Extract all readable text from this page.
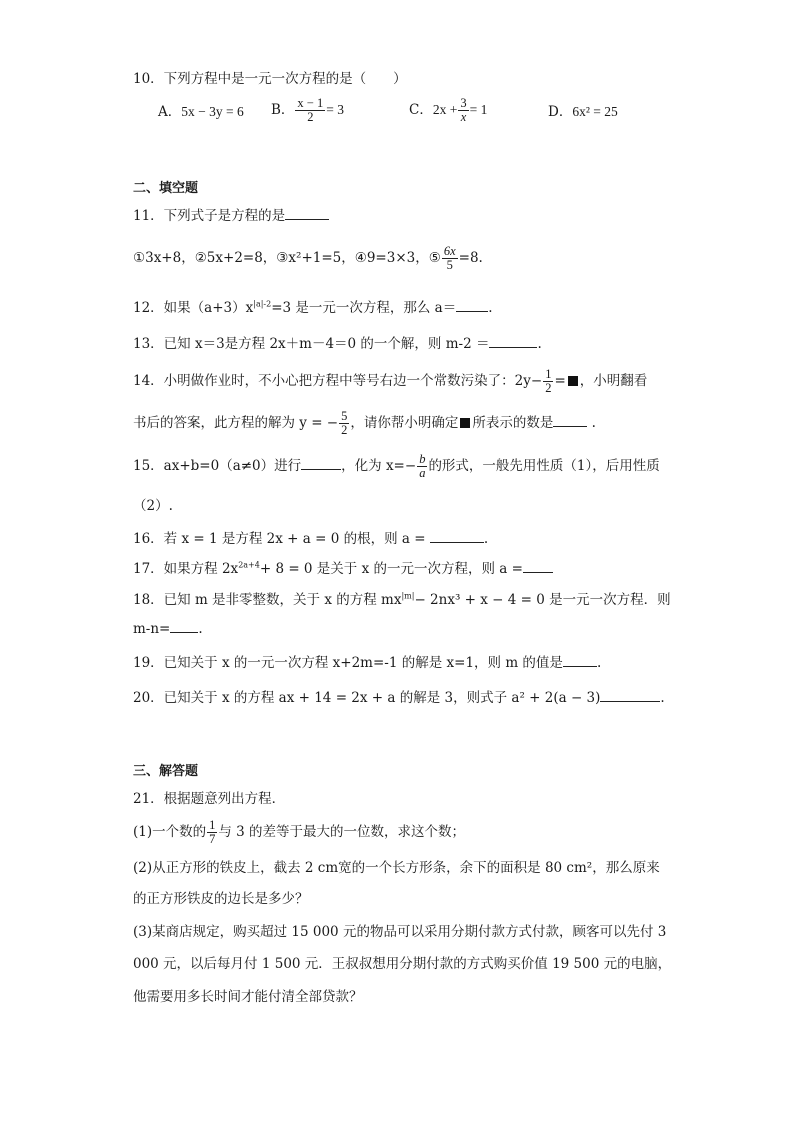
10．下列方程中是一元一次方程的是（　　）
A．5x − 3y = 6 B． $\frac{x - 1}{2} = 3$	C．$2x + \frac{3}{x} = 1$	D．6x² = 25
二、填空题
11．下列式子是方程的是
①3x+8，②5x+2=8，③x²+1=5，④9=3×3，⑤ $\frac{6x}{5} =8$.
12．如果$(a+3)x^{|a|-2}=3$ 是一元一次方程，那么 a＝ .
13．已知 x＝3是方程 2x＋m－4＝0 的一个解，则 m-2 ＝	.
14．小明做作业时，不小心把方程中等号右边一个常数污染了：$2y- \frac{1}{2}$ = ，小明翻看
书后的答案，此方程的解为 y = − $\frac{5}{2}$ ，请你帮小明确定 所表示的数是	.
15．ax+b=0（a≠0）进行	，化为 $x=- \frac{b}{a}$ 的形式，一般先用性质（1），后用性质
（2）.
16．若 x = 1 是方程 2x + a = 0 的根，则 a =	.
17．如果方程 $2x^{2a+4}+ 8 = 0$ 是关于 x 的一元一次方程，则 a =
18．已知 m 是非零整数，关于 x 的方程 $mx^{|m|}- 2nx^3 + x - 4 = 0$ 是一元一次方程．则
m-n= .
19．已知关于 x 的一元一次方程 x+2m=-1 的解是 x=1，则 m 的值是	.
20．已知关于 x 的方程 ax + 14 = 2x + a 的解是 3，则式子 a² + 2(a − 3)	.
三、解答题
21．根据题意列出方程．
(1)一个数的 $\frac{1}{7}$ 与 3 的差等于最大的一位数，求这个数；
(2)从正方形的铁皮上，截去 2 cm宽的一个长方形条，余下的面积是 80 cm²，那么原来
的正方形铁皮的边长是多少？
(3)某商店规定，购买超过 15 000 元的物品可以采用分期付款方式付款，顾客可以先付 3
000 元，以后每月付 1 500 元．王叔叔想用分期付款的方式购买价值 19 500 元的电脑，
他需要用多长时间才能付清全部贷款？
